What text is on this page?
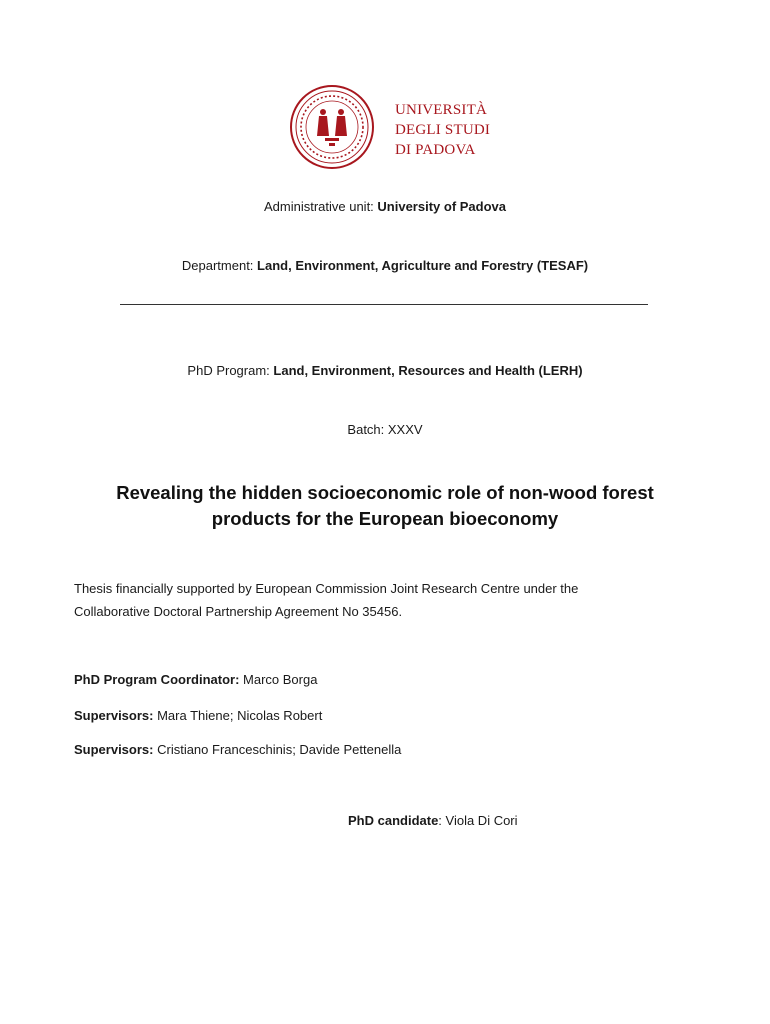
UNIVERSITÀ
DEGLI STUDI
DI PADOVA
Administrative unit: University of Padova
Department: Land, Environment, Agriculture and Forestry (TESAF)
PhD Program: Land, Environment, Resources and Health (LERH)
Batch: XXXV
Revealing the hidden socioeconomic role of non-wood forest
products for the European bioeconomy
Thesis financially supported by European Commission Joint Research Centre under the
Collaborative Doctoral Partnership Agreement No 35456.
PhD Program Coordinator: Marco Borga
Supervisors: Mara Thiene; Nicolas Robert
Supervisors: Cristiano Franceschinis; Davide Pettenella
PhD candidate: Viola Di Cori
